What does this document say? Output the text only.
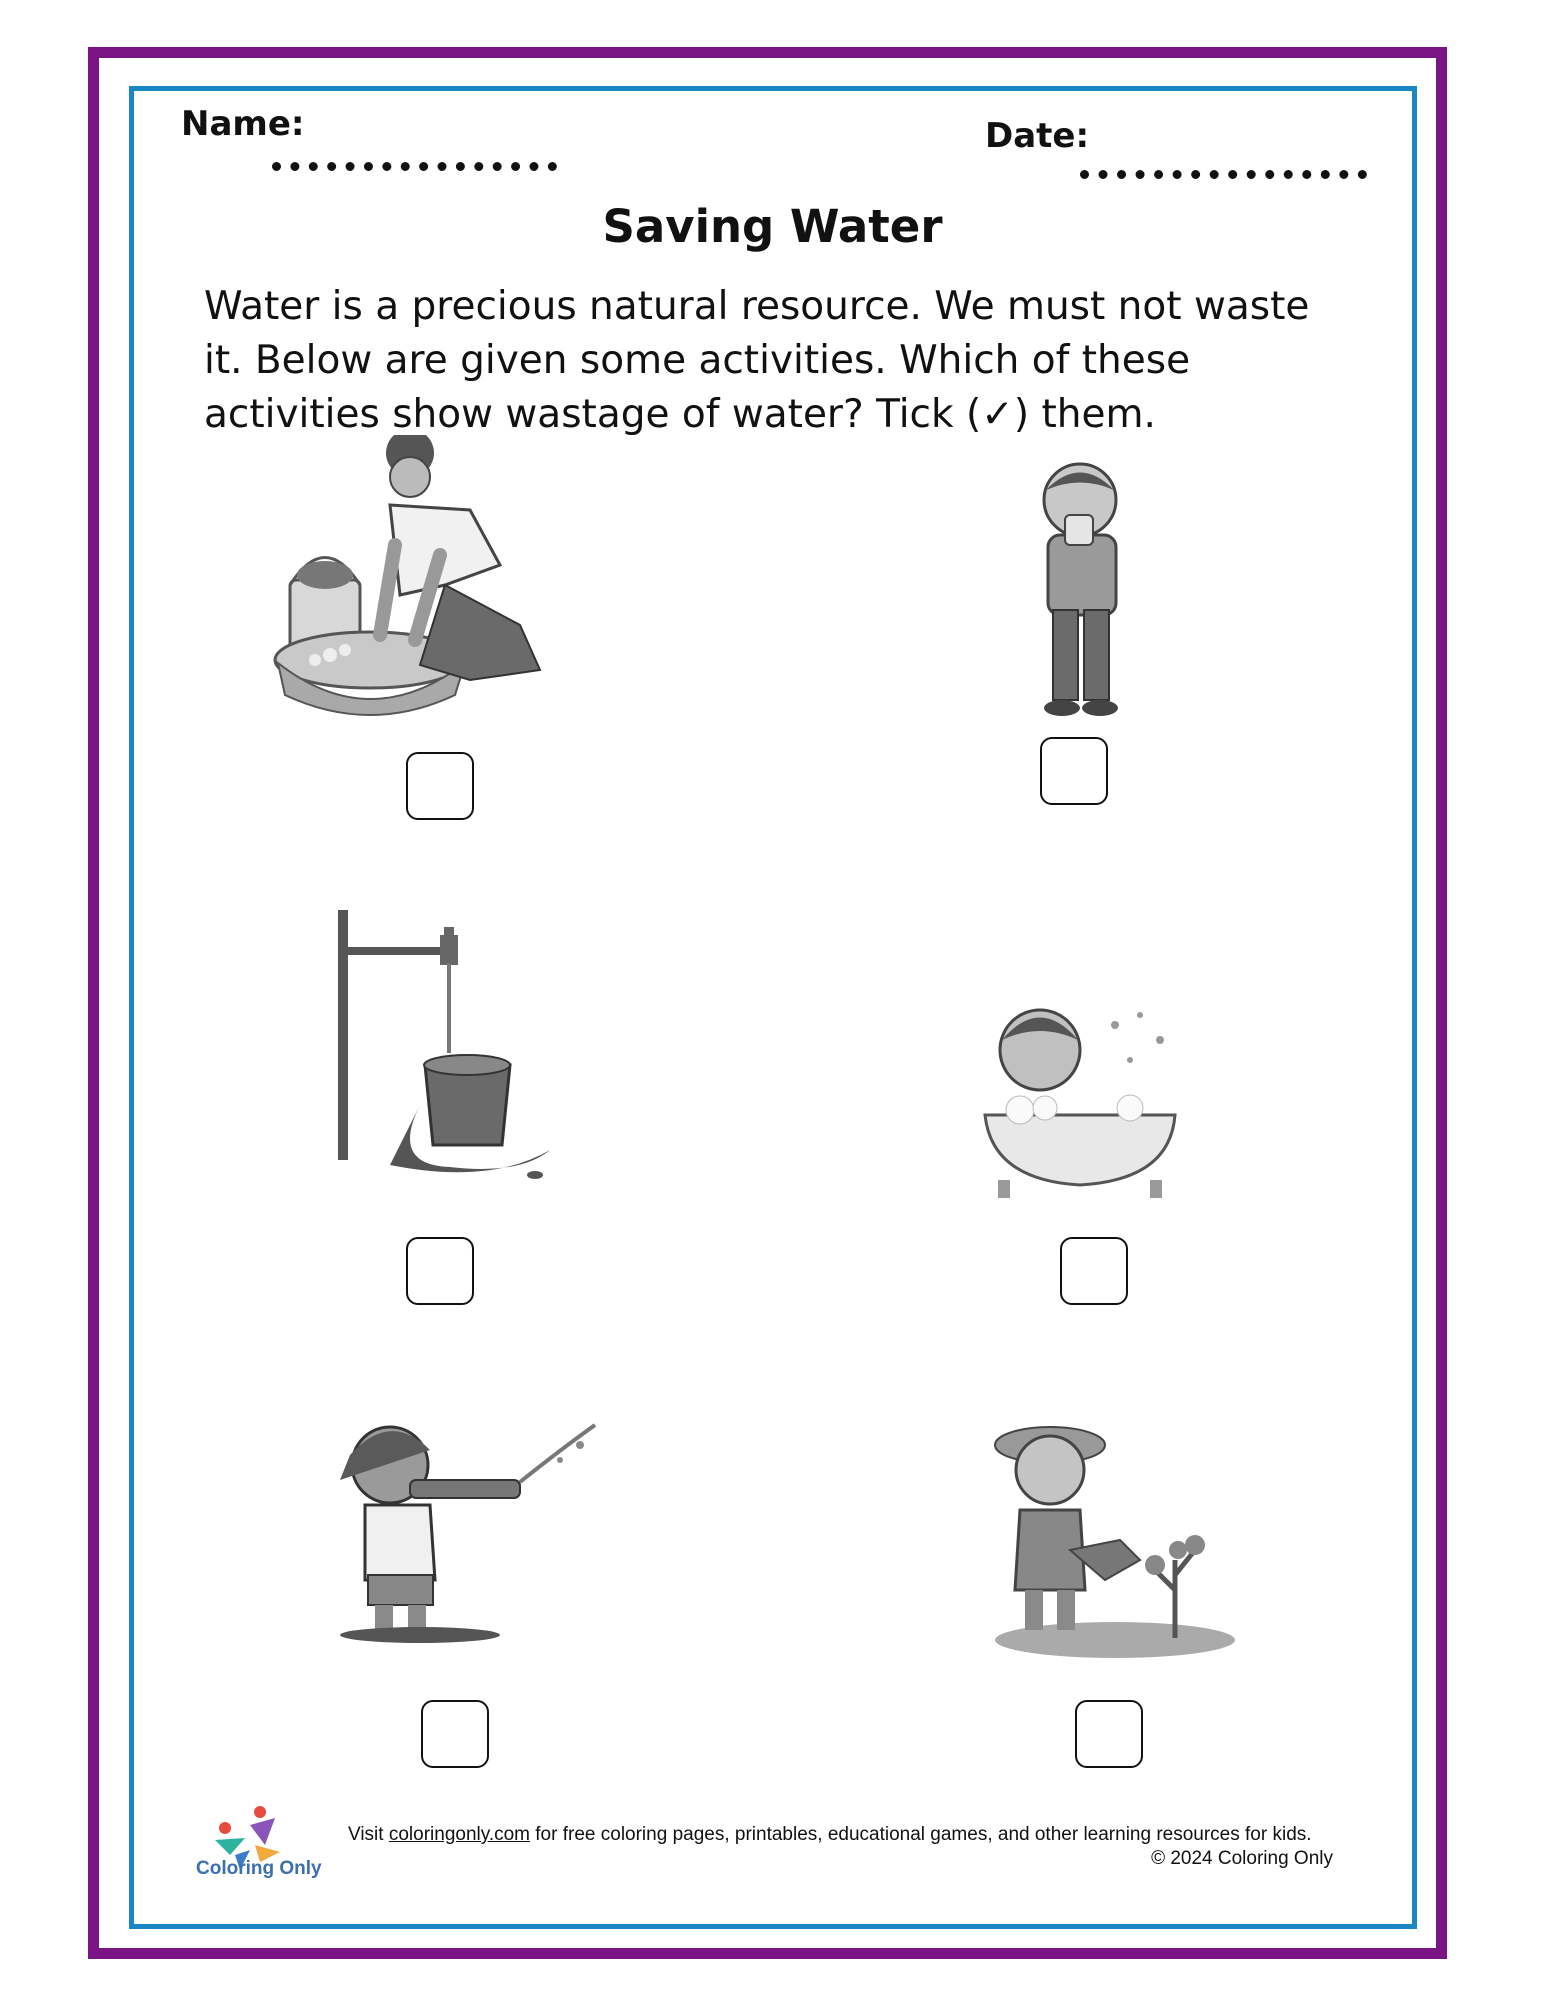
Name:	Date:
Saving Water
Water is a precious natural resource. We must not waste it. Below are given some activities. Which of these activities show wastage of water? Tick (✓) them.
Coloring Only
Visit coloringonly.com for free coloring pages, printables, educational games, and other learning resources for kids.
© 2024 Coloring Only
